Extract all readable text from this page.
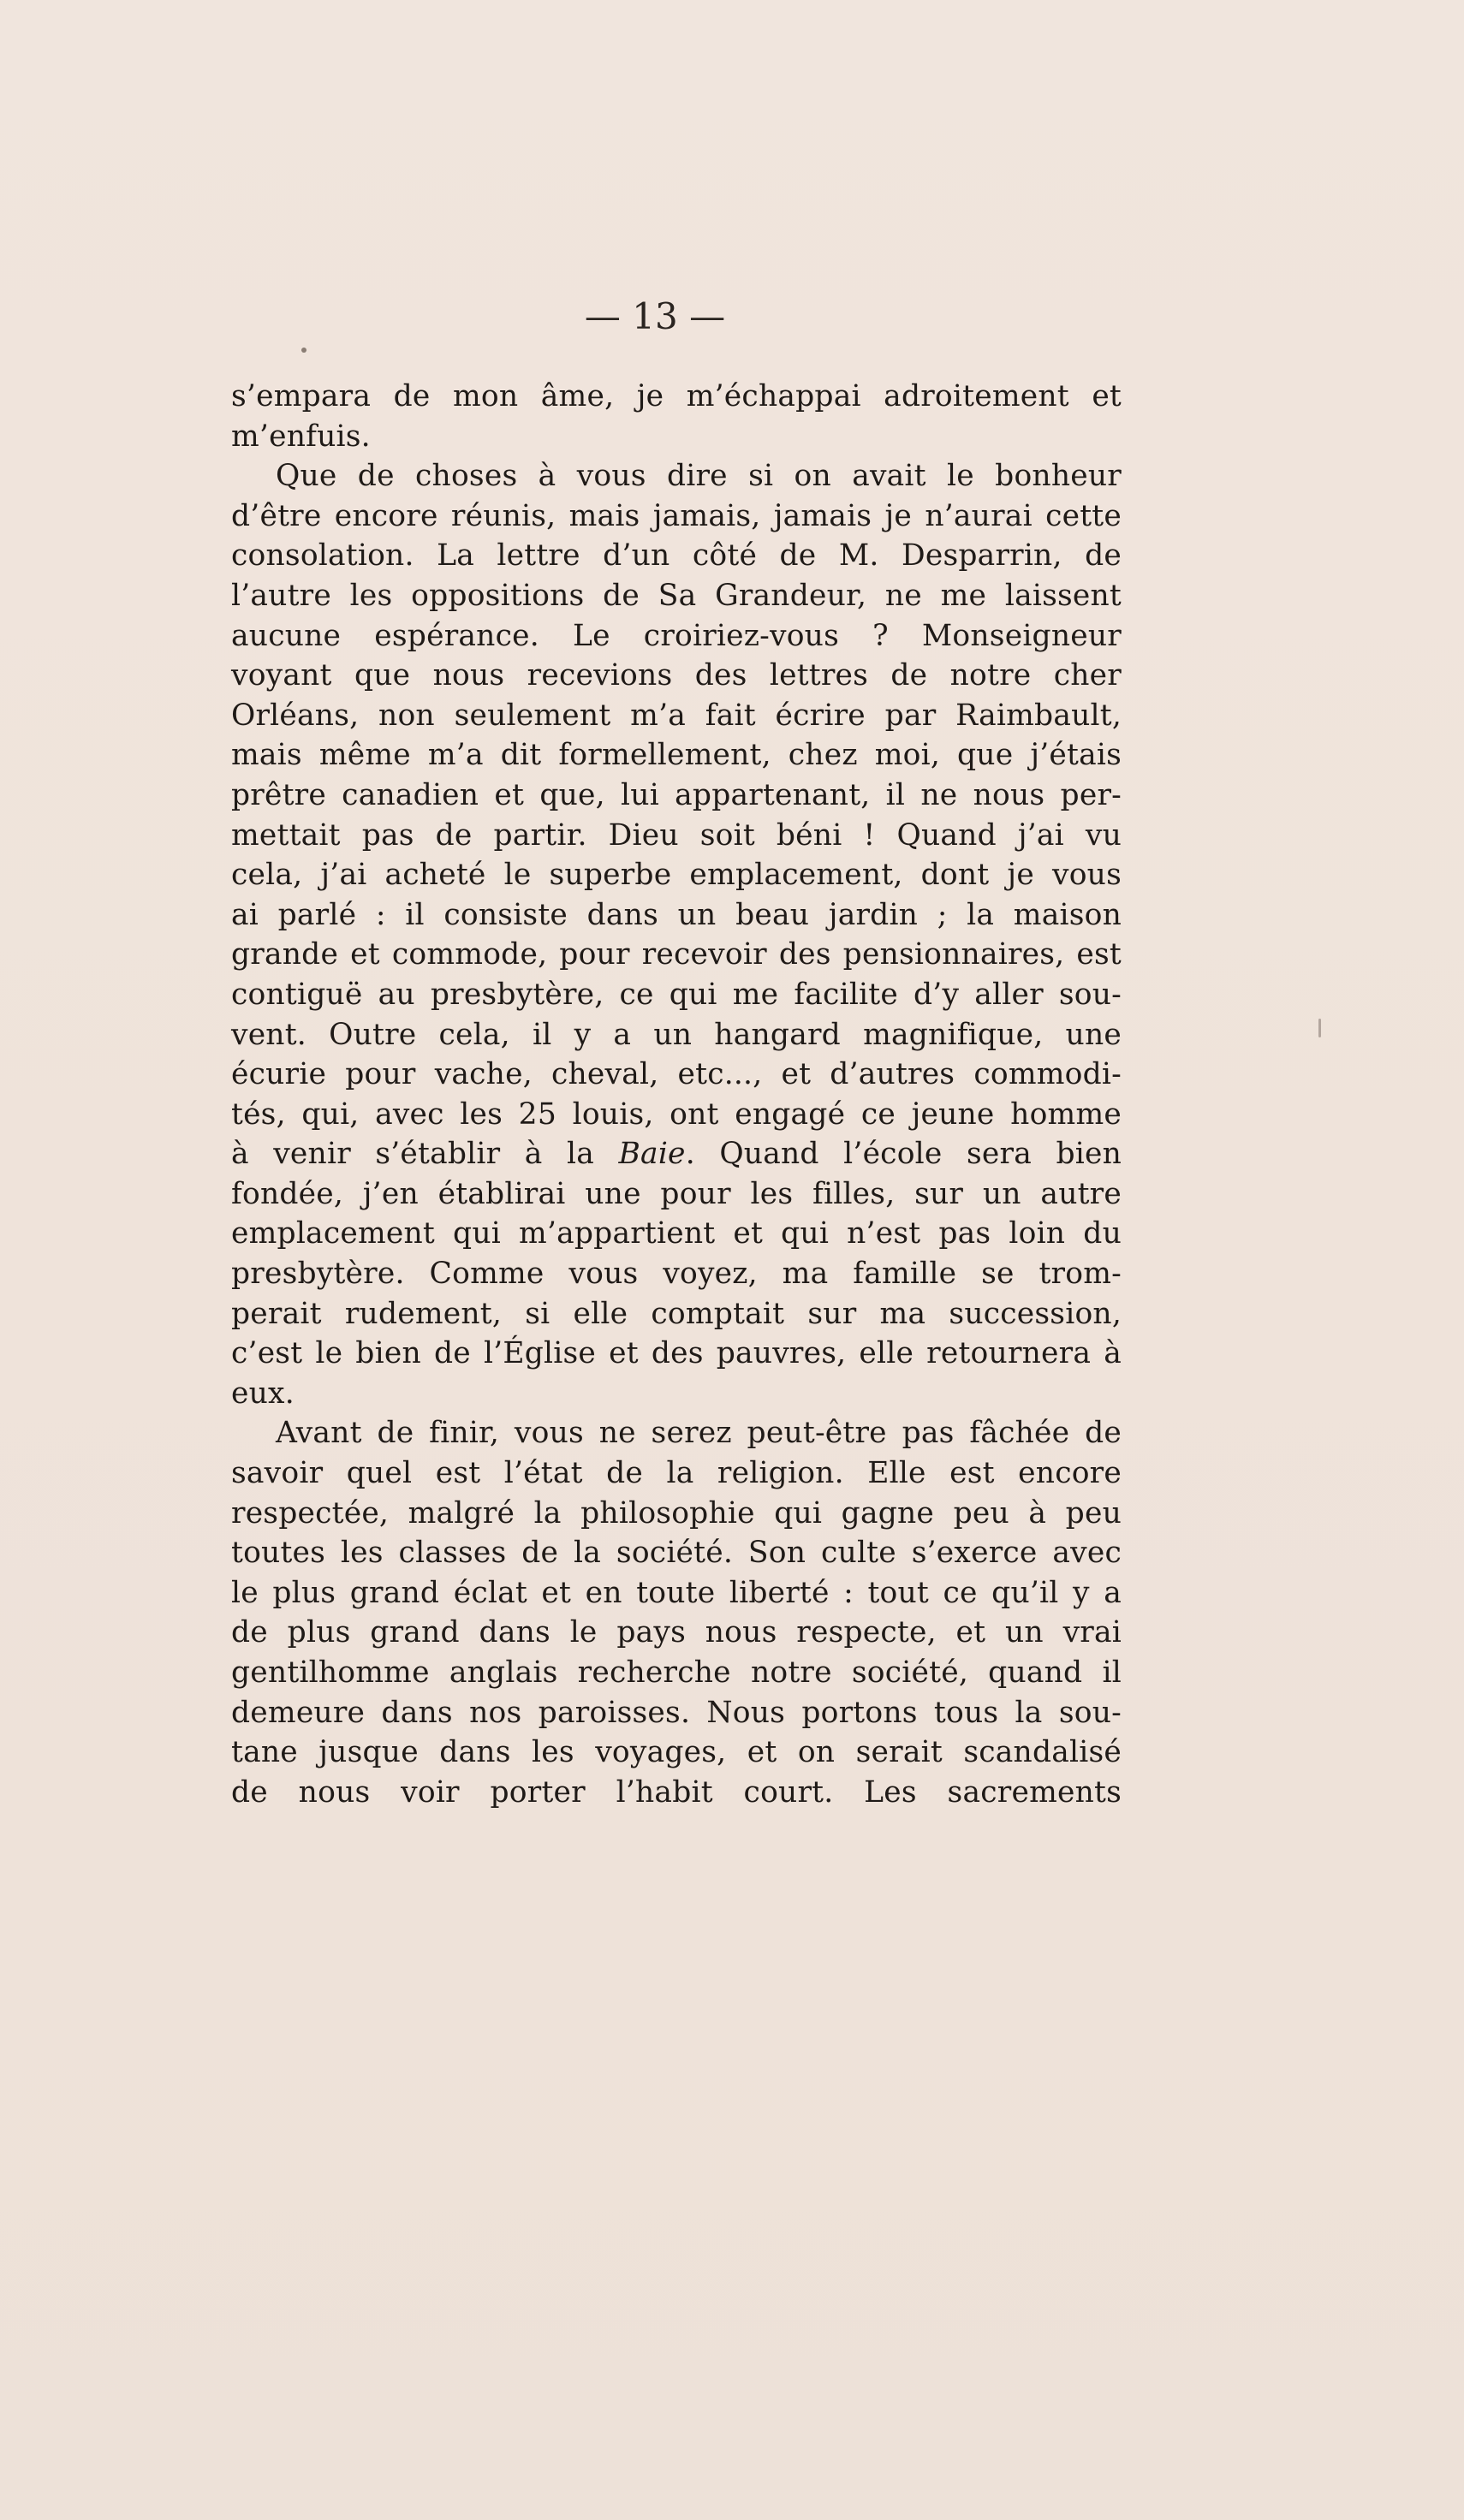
— 13 —
s’empara de mon âme, je m’échappai adroitement et
m’enfuis.
Que de choses à vous dire si on avait le bonheur
d’être encore réunis, mais jamais, jamais je n’aurai cette
consolation. La lettre d’un côté de M. Desparrin, de
l’autre les oppositions de Sa Grandeur, ne me laissent
aucune espérance. Le croiriez-vous ? Monseigneur
voyant que nous recevions des lettres de notre cher
Orléans, non seulement m’a fait écrire par Raimbault,
mais même m’a dit formellement, chez moi, que j’étais
prêtre canadien et que, lui appartenant, il ne nous per-
mettait pas de partir. Dieu soit béni ! Quand j’ai vu
cela, j’ai acheté le superbe emplacement, dont je vous
ai parlé : il consiste dans un beau jardin ; la maison
grande et commode, pour recevoir des pensionnaires, est
contiguë au presbytère, ce qui me facilite d’y aller sou-
vent. Outre cela, il y a un hangard magnifique, une
écurie pour vache, cheval, etc..., et d’autres commodi-
tés, qui, avec les 25 louis, ont engagé ce jeune homme
à venir s’établir à la Baie. Quand l’école sera bien
fondée, j’en établirai une pour les filles, sur un autre
emplacement qui m’appartient et qui n’est pas loin du
presbytère. Comme vous voyez, ma famille se trom-
perait rudement, si elle comptait sur ma succession,
c’est le bien de l’Église et des pauvres, elle retournera à
eux.
Avant de finir, vous ne serez peut-être pas fâchée de
savoir quel est l’état de la religion. Elle est encore
respectée, malgré la philosophie qui gagne peu à peu
toutes les classes de la société. Son culte s’exerce avec
le plus grand éclat et en toute liberté : tout ce qu’il y a
de plus grand dans le pays nous respecte, et un vrai
gentilhomme anglais recherche notre société, quand il
demeure dans nos paroisses. Nous portons tous la sou-
tane jusque dans les voyages, et on serait scandalisé
de nous voir porter l’habit court. Les sacrements
